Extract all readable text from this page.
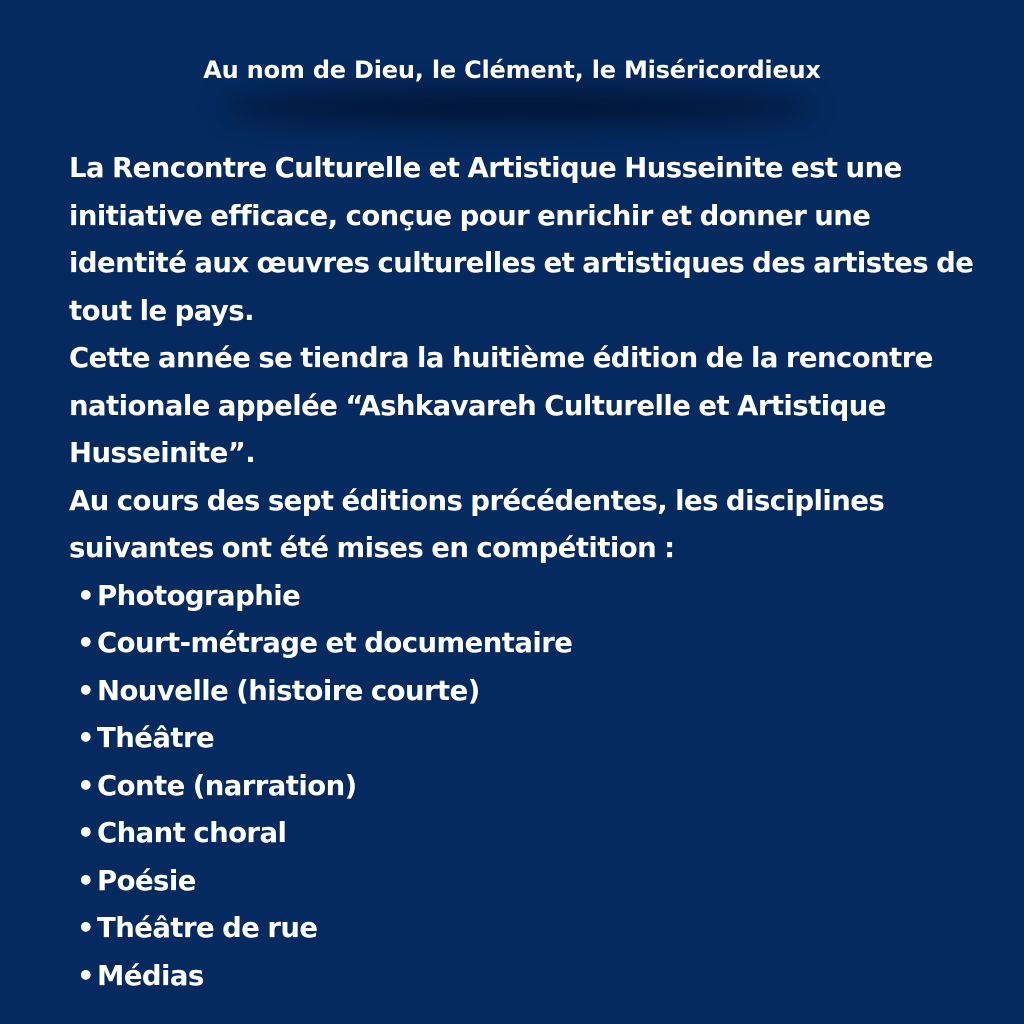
Au nom de Dieu, le Clément, le Miséricordieux

La Rencontre Culturelle et Artistique Husseinite est une initiative efficace, conçue pour enrichir et donner une identité aux œuvres culturelles et artistiques des artistes de tout le pays.

Cette année se tiendra la huitième édition de la rencontre nationale appelée “Ashkavareh Culturelle et Artistique Husseinite”.

Au cours des sept éditions précédentes, les disciplines suivantes ont été mises en compétition :

• Photographie
• Court-métrage et documentaire
• Nouvelle (histoire courte)
• Théâtre
• Conte (narration)
• Chant choral
• Poésie
• Théâtre de rue
• Médias
